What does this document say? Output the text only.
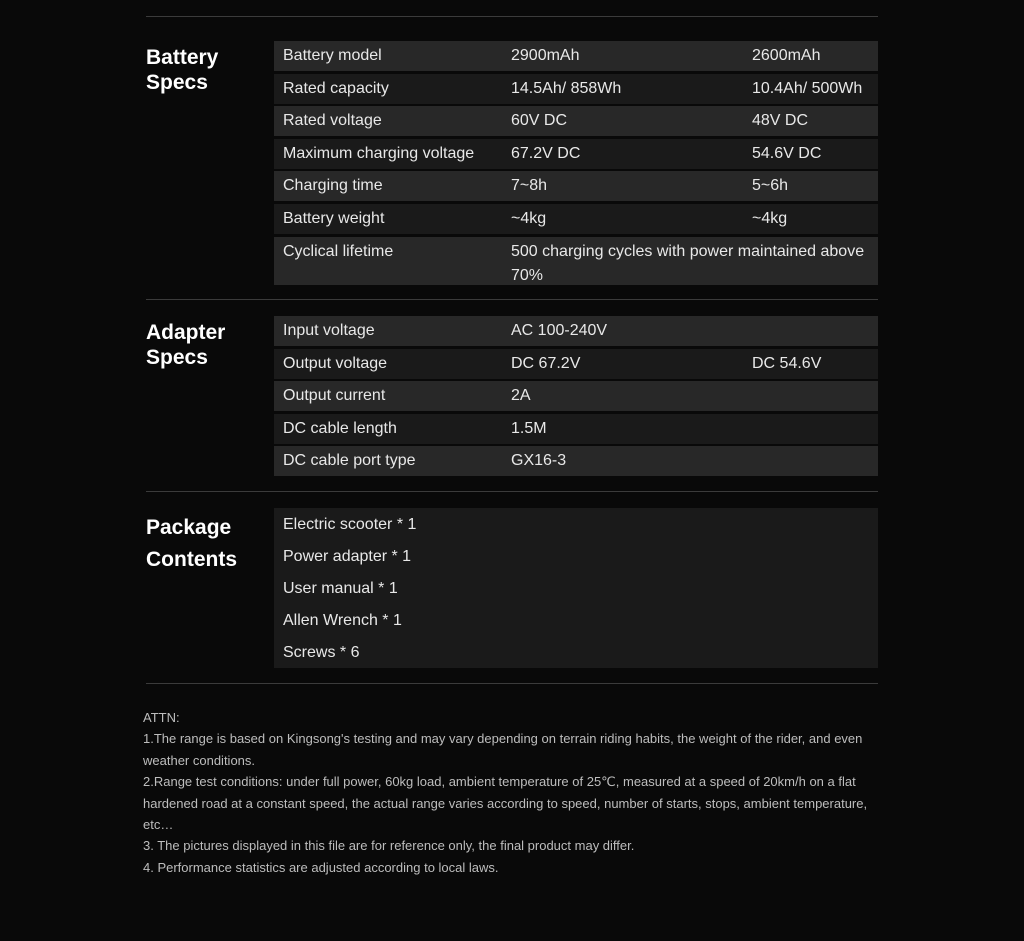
Battery
Specs
Battery model	2900mAh	2600mAh
Rated capacity	14.5Ah/ 858Wh	10.4Ah/ 500Wh
Rated voltage	60V DC	48V DC
Maximum charging voltage 67.2V DC	54.6V DC
Charging time	7~8h	5~6h
Battery weight	~4kg	~4kg
Cyclical lifetime	500 charging cycles with power maintained above 70%
Adapter
Specs
Input voltage	AC 100-240V
Output voltage	DC 67.2V	DC 54.6V
Output current	2A
DC cable length	1.5M
DC cable port type	GX16-3
Package
Contents
Electric scooter * 1
Power adapter * 1
User manual * 1
Allen Wrench * 1
Screws * 6

ATTN:

1.The range is based on Kingsong's testing and may vary depending on terrain riding habits, the weight of the rider, and even weather conditions.

2.Range test conditions: under full power, 60kg load, ambient temperature of 25℃, measured at a speed of 20km/h on a flat hardened road at a constant speed, the actual range varies according to speed, number of starts, stops, ambient temperature, etc…

3. The pictures displayed in this file are for reference only, the final product may differ.

4. Performance statistics are adjusted according to local laws.
